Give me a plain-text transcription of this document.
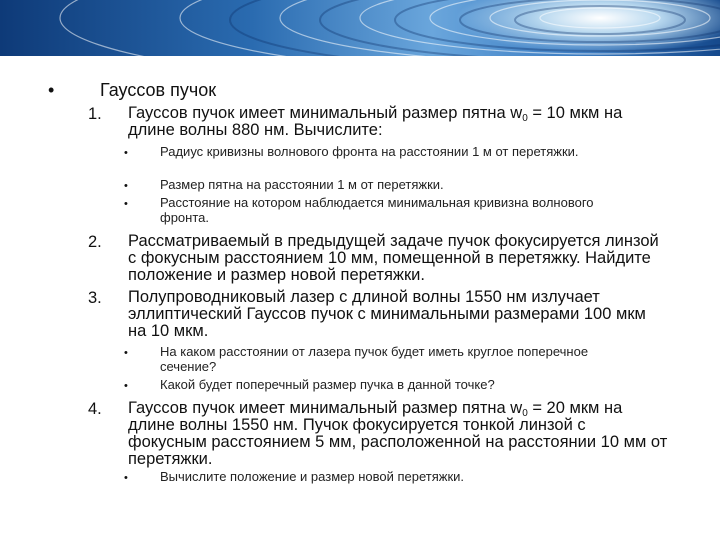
•	Гауссов пучок
1. Гауссов пучок имеет минимальный размер пятна $w_0 = 10$ мкм на длине волны 880 нм. Вычислите:
• Радиус кривизны волнового фронта на расстоянии 1 м от перетяжки.
• Размер пятна на расстоянии 1 м от перетяжки.
• Расстояние на котором наблюдается минимальная кривизна волнового фронта.
2. Рассматриваемый в предыдущей задаче пучок фокусируется линзой с фокусным расстоянием 10 мм, помещенной в перетяжку. Найдите положение и размер новой перетяжки.
3. Полупроводниковый лазер с длиной волны 1550 нм излучает эллиптический Гауссов пучок с минимальными размерами 100 мкм на 10 мкм.
• На каком расстоянии от лазера пучок будет иметь круглое поперечное сечение?
• Какой будет поперечный размер пучка в данной точке?
4. Гауссов пучок имеет минимальный размер пятна $w_0 = 20$ мкм на длине волны 1550 нм. Пучок фокусируется тонкой линзой с фокусным расстоянием 5 мм, расположенной на расстоянии 10 мм от перетяжки.
• Вычислите положение и размер новой перетяжки.
